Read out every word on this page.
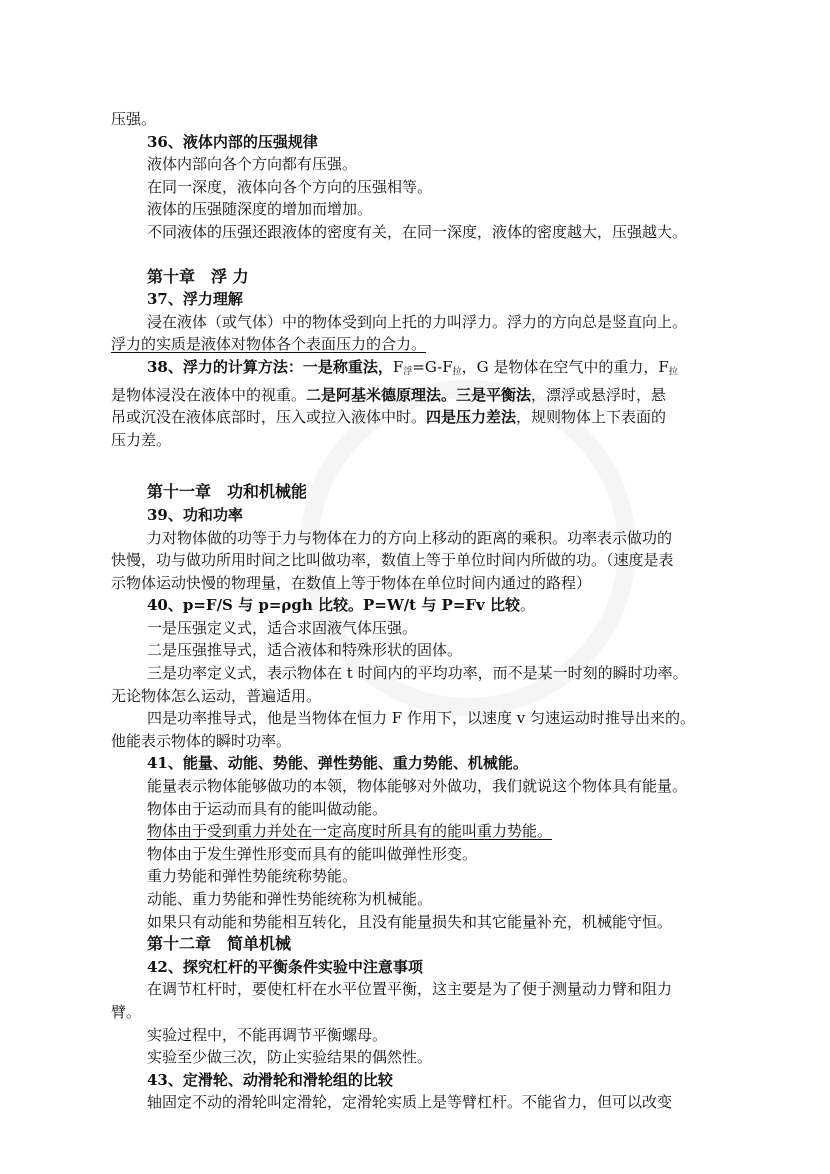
压强。

36、液体内部的压强规律

液体内部向各个方向都有压强。

在同一深度，液体向各个方向的压强相等。

液体的压强随深度的增加而增加。

不同液体的压强还跟液体的密度有关，在同一深度，液体的密度越大，压强越大。

第十章　浮 力

37、浮力理解

浸在液体（或气体）中的物体受到向上托的力叫浮力。浮力的方向总是竖直向上。

浮力的实质是液体对物体各个表面压力的合力。

38、浮力的计算方法：一是称重法，$F_浮=G-F_拉$，G 是物体在空气中的重力，$F_拉$

是物体浸没在液体中的视重。二是阿基米德原理法。三是平衡法，漂浮或悬浮时，悬

吊或沉没在液体底部时，压入或拉入液体中时。四是压力差法，规则物体上下表面的

压力差。

第十一章　功和机械能

39、功和功率

力对物体做的功等于力与物体在力的方向上移动的距离的乘积。功率表示做功的

快慢，功与做功所用时间之比叫做功率，数值上等于单位时间内所做的功。（速度是表

示物体运动快慢的物理量，在数值上等于物体在单位时间内通过的路程）

40、p=F/S 与 p=ρgh 比较。P=W/t 与 P=Fv 比较。

一是压强定义式，适合求固液气体压强。

二是压强推导式，适合液体和特殊形状的固体。

三是功率定义式，表示物体在 t 时间内的平均功率，而不是某一时刻的瞬时功率。

无论物体怎么运动，普遍适用。

四是功率推导式，他是当物体在恒力 F 作用下，以速度 v 匀速运动时推导出来的。

他能表示物体的瞬时功率。

41、能量、动能、势能、弹性势能、重力势能、机械能。

能量表示物体能够做功的本领，物体能够对外做功，我们就说这个物体具有能量。

物体由于运动而具有的能叫做动能。

物体由于受到重力并处在一定高度时所具有的能叫重力势能。

物体由于发生弹性形变而具有的能叫做弹性形变。

重力势能和弹性势能统称势能。

动能、重力势能和弹性势能统称为机械能。

如果只有动能和势能相互转化，且没有能量损失和其它能量补充，机械能守恒。

第十二章　简单机械

42、探究杠杆的平衡条件实验中注意事项

在调节杠杆时，要使杠杆在水平位置平衡，这主要是为了便于测量动力臂和阻力

臂。

实验过程中，不能再调节平衡螺母。

实验至少做三次，防止实验结果的偶然性。

43、定滑轮、动滑轮和滑轮组的比较

轴固定不动的滑轮叫定滑轮，定滑轮实质上是等臂杠杆。不能省力，但可以改变
